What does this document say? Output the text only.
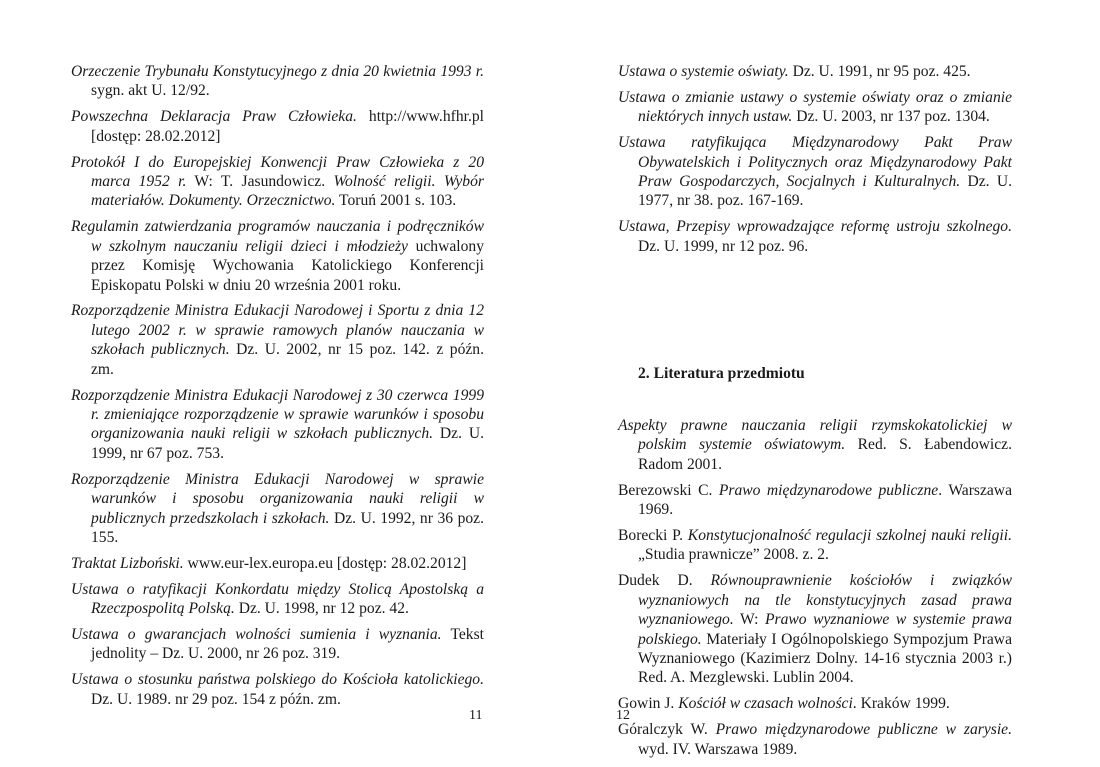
Orzeczenie Trybunału Konstytucyjnego z dnia 20 kwietnia 1993 r. sygn. akt U. 12/92.

Powszechna Deklaracja Praw Człowieka. http://www.hfhr.pl [dostęp: 28.02.2012]

Protokół I do Europejskiej Konwencji Praw Człowieka z 20 marca 1952 r. W: T. Jasundowicz. Wolność religii. Wybór materiałów. Dokumenty. Orzecznictwo. Toruń 2001 s. 103.

Regulamin zatwierdzania programów nauczania i podręczników w szkolnym nauczaniu religii dzieci i młodzieży uchwalony przez Komisję Wychowania Katolickiego Konferencji Episkopatu Polski w dniu 20 września 2001 roku.

Rozporządzenie Ministra Edukacji Narodowej i Sportu z dnia 12 lutego 2002 r. w sprawie ramowych planów nauczania w szkołach publicznych. Dz. U. 2002, nr 15 poz. 142. z późn. zm.

Rozporządzenie Ministra Edukacji Narodowej z 30 czerwca 1999 r. zmieniające rozporządzenie w sprawie warunków i sposobu organizowania nauki religii w szkołach publicznych. Dz. U. 1999, nr 67 poz. 753.

Rozporządzenie Ministra Edukacji Narodowej w sprawie warunków i sposobu organizowania nauki religii w publicznych przedszkolach i szkołach. Dz. U. 1992, nr 36 poz. 155.

Traktat Lizboński. www.eur-lex.europa.eu [dostęp: 28.02.2012]

Ustawa o ratyfikacji Konkordatu między Stolicą Apostolską a Rzeczpospolitą Polską. Dz. U. 1998, nr 12 poz. 42.

Ustawa o gwarancjach wolności sumienia i wyznania. Tekst jednolity – Dz. U. 2000, nr 26 poz. 319.

Ustawa o stosunku państwa polskiego do Kościoła katolickiego. Dz. U. 1989. nr 29 poz. 154 z późn. zm.

11

Ustawa o systemie oświaty. Dz. U. 1991, nr 95 poz. 425.

Ustawa o zmianie ustawy o systemie oświaty oraz o zmianie niektórych innych ustaw. Dz. U. 2003, nr 137 poz. 1304.

Ustawa ratyfikująca Międzynarodowy Pakt Praw Obywatelskich i Politycznych oraz Międzynarodowy Pakt Praw Gospodarczych, Socjalnych i Kulturalnych. Dz. U. 1977, nr 38. poz. 167-169.

Ustawa, Przepisy wprowadzające reformę ustroju szkolnego. Dz. U. 1999, nr 12 poz. 96.

2. Literatura przedmiotu

Aspekty prawne nauczania religii rzymskokatolickiej w polskim systemie oświatowym. Red. S. Łabendowicz. Radom 2001.

Berezowski C. Prawo międzynarodowe publiczne. Warszawa 1969.

Borecki P. Konstytucjonalność regulacji szkolnej nauki religii. „Studia prawnicze” 2008. z. 2.

Dudek D. Równouprawnienie kościołów i związków wyznaniowych na tle konstytucyjnych zasad prawa wyznaniowego. W: Prawo wyznaniowe w systemie prawa polskiego. Materiały I Ogólnopolskiego Sympozjum Prawa Wyznaniowego (Kazimierz Dolny. 14-16 stycznia 2003 r.) Red. A. Mezglewski. Lublin 2004.

Gowin J. Kościół w czasach wolności. Kraków 1999.

Góralczyk W. Prawo międzynarodowe publiczne w zarysie. wyd. IV. Warszawa 1989.

12
